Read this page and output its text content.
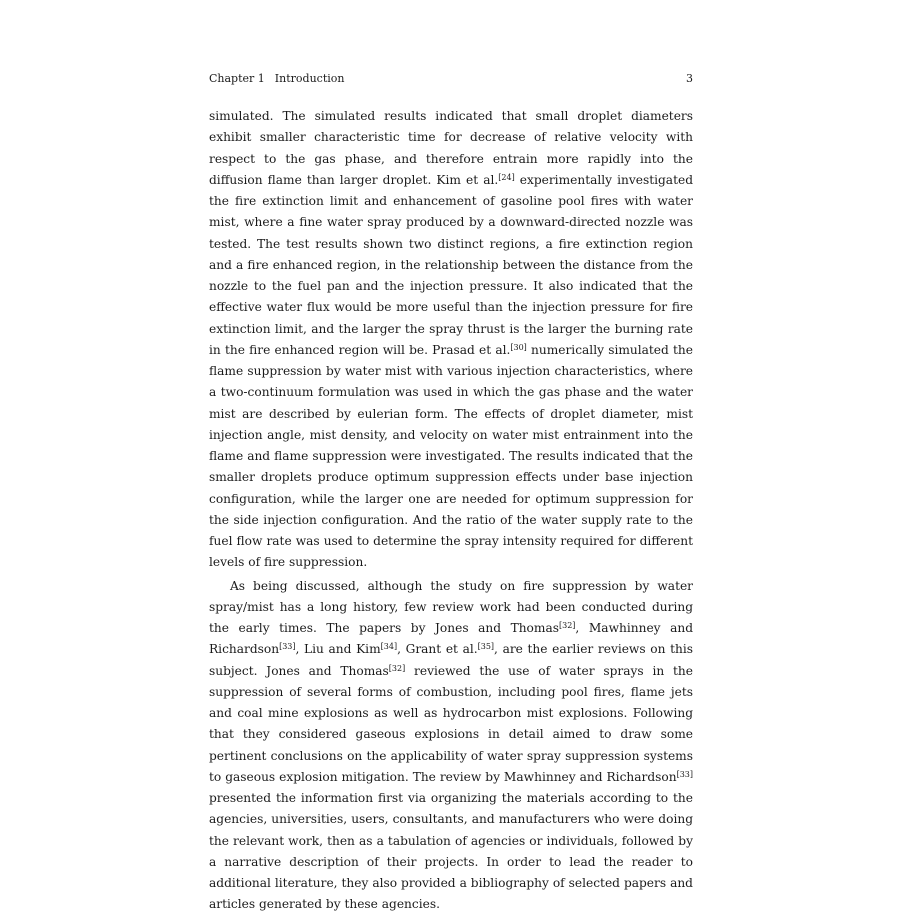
Chapter 1 Introduction	3

simulated. The simulated results indicated that small droplet diameters exhibit smaller characteristic time for decrease of relative velocity with respect to the gas phase, and therefore entrain more rapidly into the diffusion flame than larger droplet. Kim et al.[24] experimentally investigated the fire extinction limit and enhancement of gasoline pool fires with water mist, where a fine water spray produced by a downward-directed nozzle was tested. The test results shown two distinct regions, a fire extinction region and a fire enhanced region, in the relationship between the distance from the nozzle to the fuel pan and the injection pressure. It also indicated that the effective water flux would be more useful than the injection pressure for fire extinction limit, and the larger the spray thrust is the larger the burning rate in the fire enhanced region will be. Prasad et al.[30] numerically simulated the flame suppression by water mist with various injection characteristics, where a two-continuum formulation was used in which the gas phase and the water mist are described by eulerian form. The effects of droplet diameter, mist injection angle, mist density, and velocity on water mist entrainment into the flame and flame suppression were investigated. The results indicated that the smaller droplets produce optimum suppression effects under base injection configuration, while the larger one are needed for optimum suppression for the side injection configuration. And the ratio of the water supply rate to the fuel flow rate was used to determine the spray intensity required for different levels of fire suppression.

As being discussed, although the study on fire suppression by water spray/mist has a long history, few review work had been conducted during the early times. The papers by Jones and Thomas[32], Mawhinney and Richardson[33], Liu and Kim[34], Grant et al.[35], are the earlier reviews on this subject. Jones and Thomas[32] reviewed the use of water sprays in the suppression of several forms of combustion, including pool fires, flame jets and coal mine explosions as well as hydrocarbon mist explosions. Following that they considered gaseous explosions in detail aimed to draw some pertinent conclusions on the applicability of water spray suppression systems to gaseous explosion mitigation. The review by Mawhinney and Richardson[33] presented the information first via organizing the materials according to the agencies, universities, users, consultants, and manufacturers who were doing the relevant work, then as a tabulation of agencies or individuals, followed by a narrative description of their projects. In order to lead the reader to additional literature, they also provided a bibliography of selected papers and articles generated by these agencies.
